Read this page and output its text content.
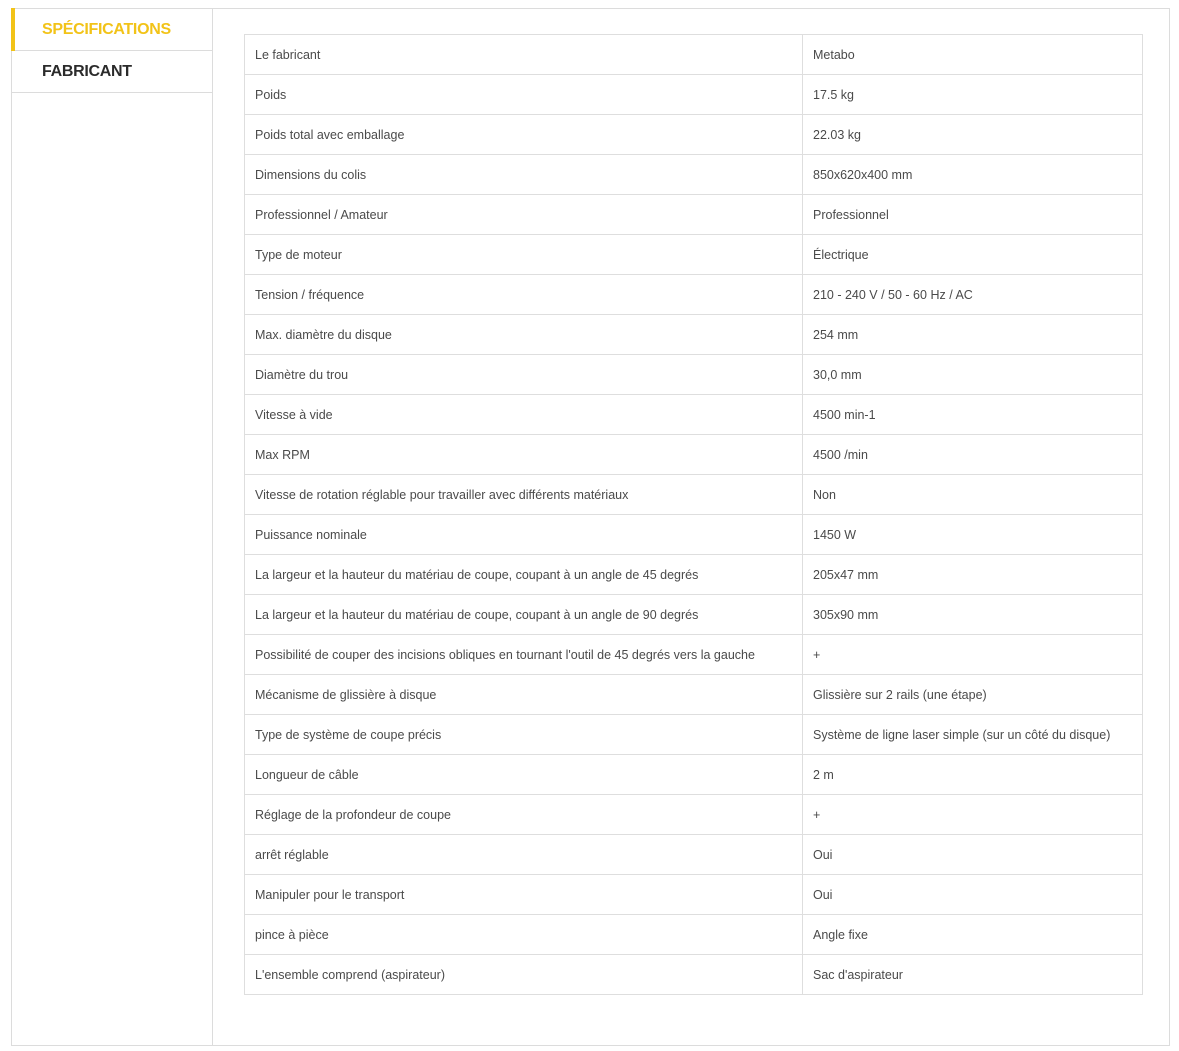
SPÉCIFICATIONS
FABRICANT
Le fabricant	Metabo
Poids	17.5 kg
Poids total avec emballage	22.03 kg
Dimensions du colis	850x620x400 mm
Professionnel / Amateur	Professionnel
Type de moteur	Électrique
Tension / fréquence	210 - 240 V / 50 - 60 Hz / AC
Max. diamètre du disque	254 mm
Diamètre du trou	30,0 mm
Vitesse à vide	4500 min-1
Max RPM	4500 /min
Vitesse de rotation réglable pour travailler avec différents matériaux	Non
Puissance nominale	1450 W
La largeur et la hauteur du matériau de coupe, coupant à un angle de 45 degrés	205x47 mm
La largeur et la hauteur du matériau de coupe, coupant à un angle de 90 degrés	305x90 mm
Possibilité de couper des incisions obliques en tournant l'outil de 45 degrés vers la gauche	+
Mécanisme de glissière à disque	Glissière sur 2 rails (une étape)
Type de système de coupe précis	Système de ligne laser simple (sur un côté du disque)
Longueur de câble	2 m
Réglage de la profondeur de coupe	+
arrêt réglable	Oui
Manipuler pour le transport	Oui
pince à pièce	Angle fixe
L'ensemble comprend (aspirateur)	Sac d'aspirateur
